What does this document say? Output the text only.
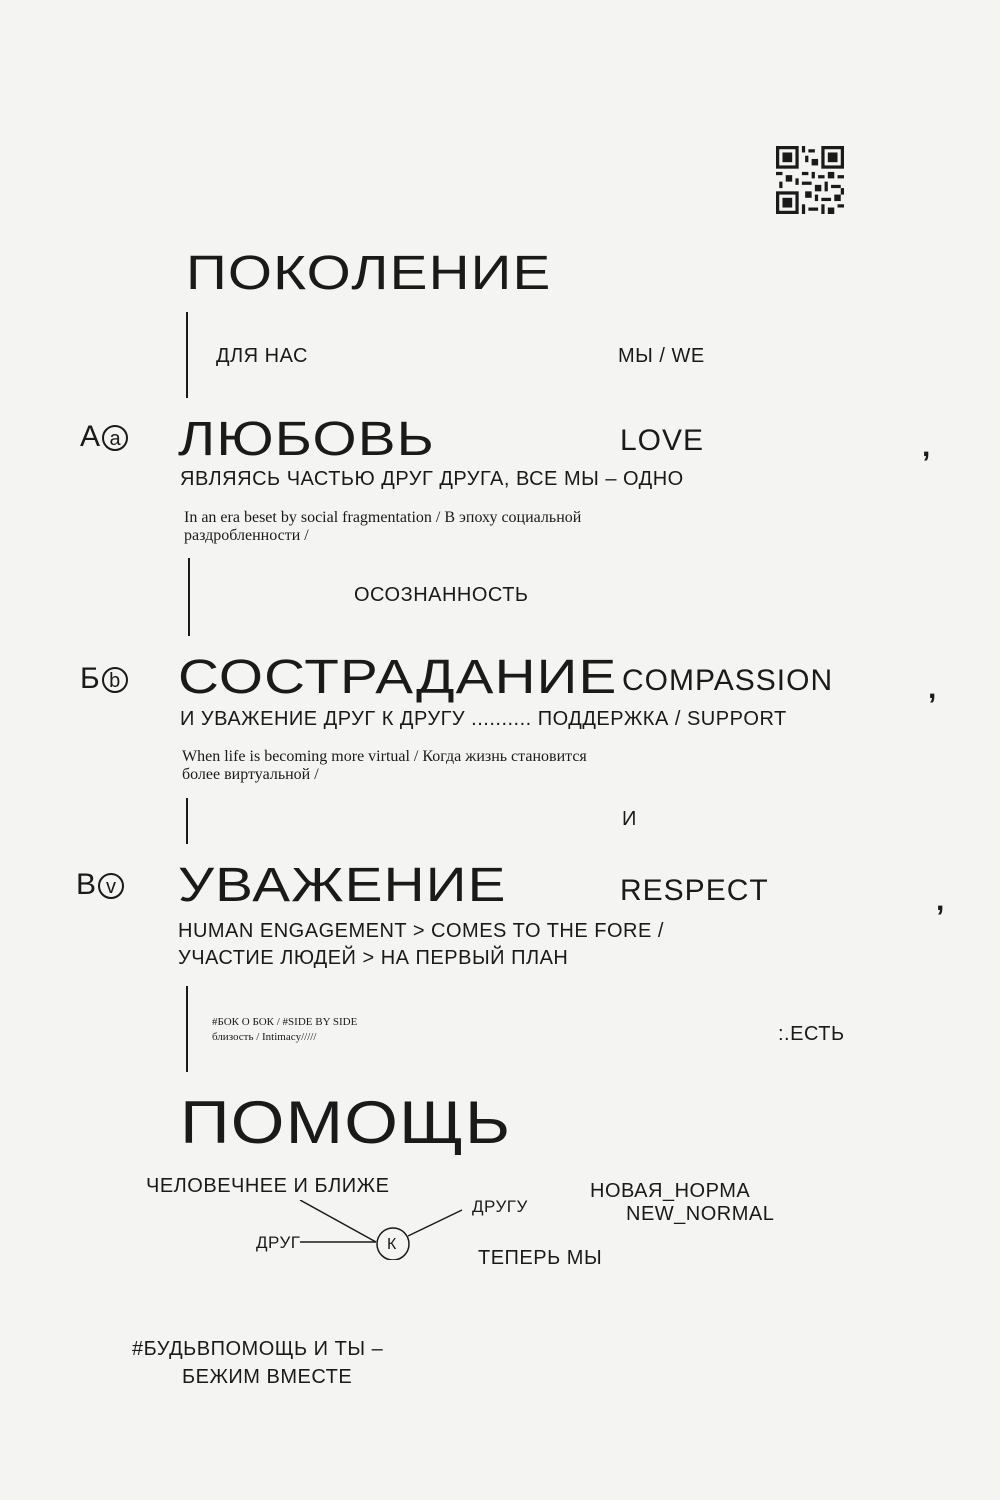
ПОКОЛЕНИЕ
ДЛЯ НАС	МЫ / WE
А a ЛЮБОВЬ	LOVE	,
ЯВЛЯЯСЬ ЧАСТЬЮ ДРУГ ДРУГА, ВСЕ МЫ – ОДНО
In an era beset by social fragmentation / В эпоху социальной
раздробленности /
ОСОЗНАННОСТЬ
Б b СОСТРАДАНИЕ COMPASSION	,
И УВАЖЕНИЕ ДРУГ К ДРУГУ .......... ПОДДЕРЖКА / SUPPORT
When life is becoming more virtual / Когда жизнь становится
более виртуальной /
И
В v УВАЖЕНИЕ	RESPECT	,
HUMAN ENGAGEMENT > COMES TO THE FORE /
УЧАСТИЕ ЛЮДЕЙ > НА ПЕРВЫЙ ПЛАН
#БОК О БОК / #SIDE BY SIDE
близость / Intimacy/////	:.ЕСТЬ
ПОМОЩЬ
ЧЕЛОВЕЧНЕЕ И БЛИЖЕ	НОВАЯ_НОРМА
NEW_NORMAL
ДРУГ	К
ДРУГУ
ТЕПЕРЬ МЫ
#БУДЬВПОМОЩЬ И ТЫ –
БЕЖИМ ВМЕСТЕ
